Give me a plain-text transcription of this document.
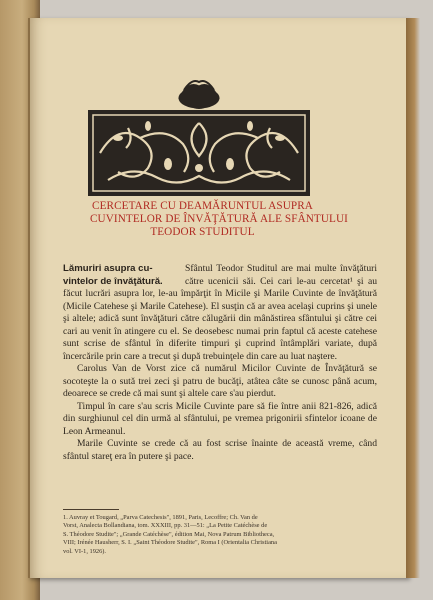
CERCETARE CU DEAMĂRUNTUL ASUPRA
CUVINTELOR DE ÎNVĂŢĂTURĂ ALE SFÂNTULUI
TEODOR STUDITUL
Lămuriri asupra cu-
vintelor de învăţătură.

Sfântul Teodor Studitul are mai multe învăţături către ucenicii săi. Cei cari le-au cercetat¹ şi au făcut lucrări asupra lor, le-au împărţit în Micile şi Marile Cuvinte de învăţătură (Micile Catehese şi Marile Catehese). El susţin că ar avea acelaşi cuprins şi unele şi altele; adică sunt învăţături către călugării din mânăstirea sfântului şi către cei cari au venit în atingere cu el. Se deosebesc numai prin faptul că aceste catehese sunt scrise de sfântul în diferite timpuri şi cuprind întâmplări variate, după încercările prin care a trecut şi după trebuinţele din care au luat naştere.

Carolus Van de Vorst zice că numărul Micilor Cuvinte de Învăţătură se socoteşte la o sută trei zeci şi patru de bucăţi, atâtea câte se cunosc până acum, deoarece se crede că mai sunt şi altele care s'au pierdut.

Timpul în care s'au scris Micile Cuvinte pare să fie între anii 821-826, adică din surghiunul cel din urmă al sfântului, pe vremea prigonirii sfintelor icoane de Leon Armeanul.

Marile Cuvinte se crede că au fost scrise înainte de această vreme, când sfântul stareţ era în putere şi pace.

1. Auvray et Tougard, „Parva Catechesis", 1891, Paris, Lecoffre; Ch. Van de
Vorst, Analecta Bollandiana, tom. XXXIII, pp. 31—51: „La Petite Catéchèse de
S. Théodore Studite"; „Grande Catéchèse", édition Mai, Nova Patrum Bibliotheca,
VIII; Irénée Hausherr, S. I. „Saint Théodore Studite", Roma I (Orientalia Christiana
vol. VI-1, 1926).
